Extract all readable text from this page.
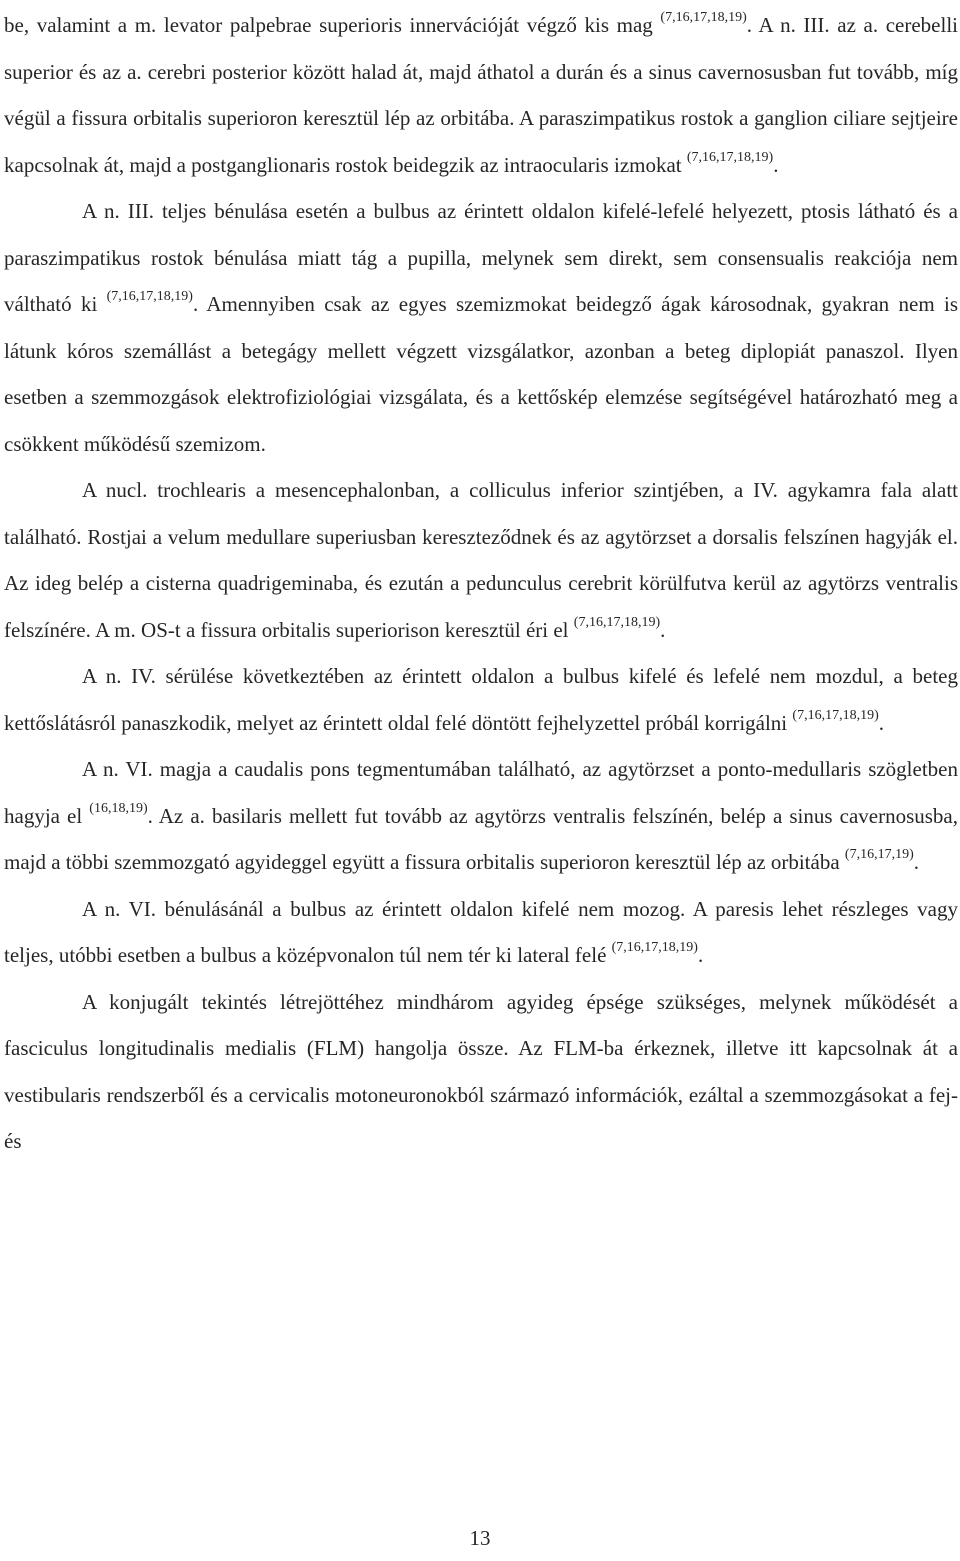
be, valamint a m. levator palpebrae superioris innervációját végző kis mag $^{(7,16,17,18,19)}$. A n. III. az a. cerebelli superior és az a. cerebri posterior között halad át, majd áthatol a durán és a sinus cavernosusban fut tovább, míg végül a fissura orbitalis superioron keresztül lép az orbitába. A paraszimpatikus rostok a ganglion ciliare sejtjeire kapcsolnak át, majd a postganglionaris rostok beidegzik az intraocularis izmokat $^{(7,16,17,18,19)}$.

A n. III. teljes bénulása esetén a bulbus az érintett oldalon kifelé-lefelé helyezett, ptosis látható és a paraszimpatikus rostok bénulása miatt tág a pupilla, melynek sem direkt, sem consensualis reakciója nem váltható ki $^{(7,16,17,18,19)}$. Amennyiben csak az egyes szemizmokat beidegző ágak károsodnak, gyakran nem is látunk kóros szemállást a betegágy mellett végzett vizsgálatkor, azonban a beteg diplopiát panaszol. Ilyen esetben a szemmozgások elektrofiziológiai vizsgálata, és a kettőskép elemzése segítségével határozható meg a csökkent működésű szemizom.

A nucl. trochlearis a mesencephalonban, a colliculus inferior szintjében, a IV. agykamra fala alatt található. Rostjai a velum medullare superiusban kereszteződnek és az agytörzset a dorsalis felszínen hagyják el. Az ideg belép a cisterna quadrigeminaba, és ezután a pedunculus cerebrit körülfutva kerül az agytörzs ventralis felszínére. A m. OS-t a fissura orbitalis superiorison keresztül éri el $^{(7,16,17,18,19)}$.

A n. IV. sérülése következtében az érintett oldalon a bulbus kifelé és lefelé nem mozdul, a beteg kettőslátásról panaszkodik, melyet az érintett oldal felé döntött fejhelyzettel próbál korrigálni $^{(7,16,17,18,19)}$.

A n. VI. magja a caudalis pons tegmentumában található, az agytörzset a ponto-medullaris szögletben hagyja el $^{(16,18,19)}$. Az a. basilaris mellett fut tovább az agytörzs ventralis felszínén, belép a sinus cavernosusba, majd a többi szemmozgató agyideggel együtt a fissura orbitalis superioron keresztül lép az orbitába $^{(7,16,17,19)}$.

A n. VI. bénulásánál a bulbus az érintett oldalon kifelé nem mozog. A paresis lehet részleges vagy teljes, utóbbi esetben a bulbus a középvonalon túl nem tér ki lateral felé $^{(7,16,17,18,19)}$.

A konjugált tekintés létrejöttéhez mindhárom agyideg épsége szükséges, melynek működését a fasciculus longitudinalis medialis (FLM) hangolja össze. Az FLM-ba érkeznek, illetve itt kapcsolnak át a vestibularis rendszerből és a cervicalis motoneuronokból származó információk, ezáltal a szemmozgásokat a fej- és

13
